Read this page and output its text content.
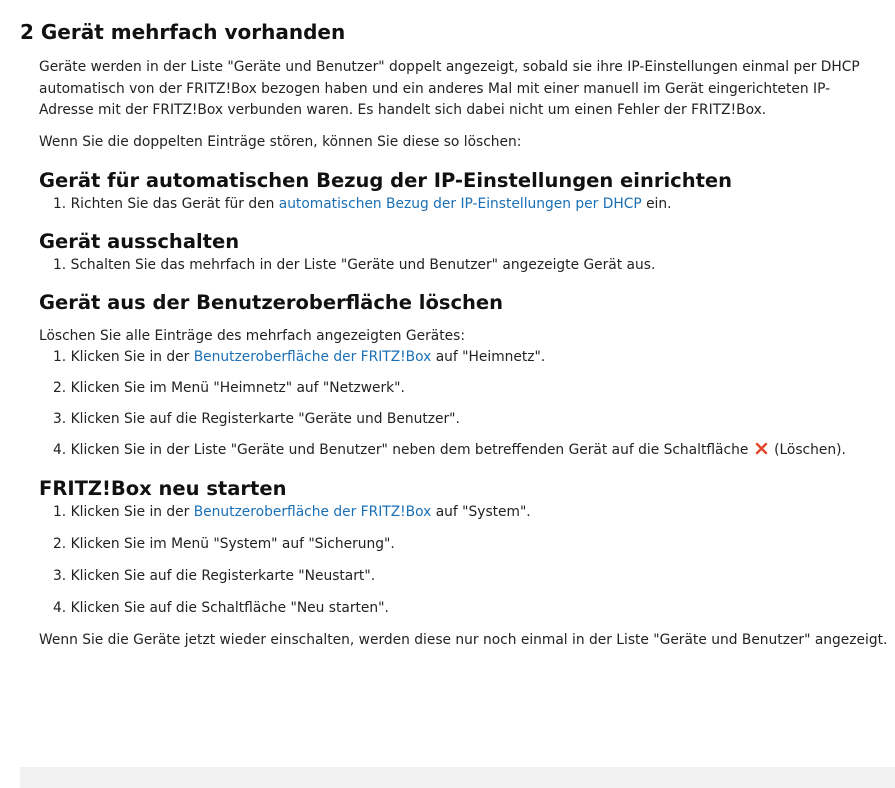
2 Gerät mehrfach vorhanden

Geräte werden in der Liste "Geräte und Benutzer" doppelt angezeigt, sobald sie ihre IP-Einstellungen einmal per DHCP automatisch von der FRITZ!Box bezogen haben und ein anderes Mal mit einer manuell im Gerät eingerichteten IP-Adresse mit der FRITZ!Box verbunden waren. Es handelt sich dabei nicht um einen Fehler der FRITZ!Box.

Wenn Sie die doppelten Einträge stören, können Sie diese so löschen:

Gerät für automatischen Bezug der IP-Einstellungen einrichten
1. Richten Sie das Gerät für den automatischen Bezug der IP-Einstellungen per DHCP ein.
Gerät ausschalten
1. Schalten Sie das mehrfach in der Liste "Geräte und Benutzer" angezeigte Gerät aus.
Gerät aus der Benutzeroberfläche löschen

Löschen Sie alle Einträge des mehrfach angezeigten Gerätes:

1. Klicken Sie in der Benutzeroberfläche der FRITZ!Box auf "Heimnetz".
2. Klicken Sie im Menü "Heimnetz" auf "Netzwerk".
3. Klicken Sie auf die Registerkarte "Geräte und Benutzer".
4. Klicken Sie in der Liste "Geräte und Benutzer" neben dem betreffenden Gerät auf die Schaltfläche
(Löschen).
FRITZ!Box neu starten
1. Klicken Sie in der Benutzeroberfläche der FRITZ!Box auf "System".
2. Klicken Sie im Menü "System" auf "Sicherung".
3. Klicken Sie auf die Registerkarte "Neustart".
4. Klicken Sie auf die Schaltfläche "Neu starten".

Wenn Sie die Geräte jetzt wieder einschalten, werden diese nur noch einmal in der Liste "Geräte und Benutzer" angezeigt.
